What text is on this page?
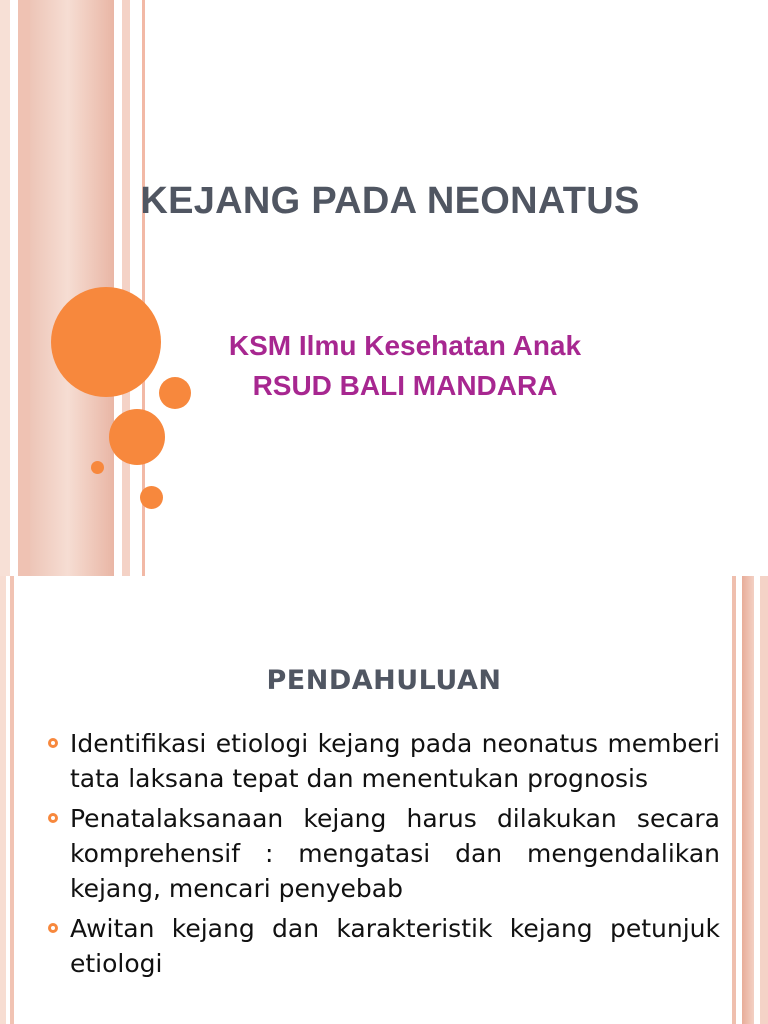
KEJANG PADA NEONATUS
KSM Ilmu Kesehatan Anak
RSUD BALI MANDARA
PENDAHULUAN
Identifikasi etiologi kejang pada neonatus memberi tata laksana tepat dan menentukan prognosis
Penatalaksanaan kejang harus dilakukan secara komprehensif : mengatasi dan mengendalikan kejang, mencari penyebab
Awitan kejang dan karakteristik kejang petunjuk etiologi
